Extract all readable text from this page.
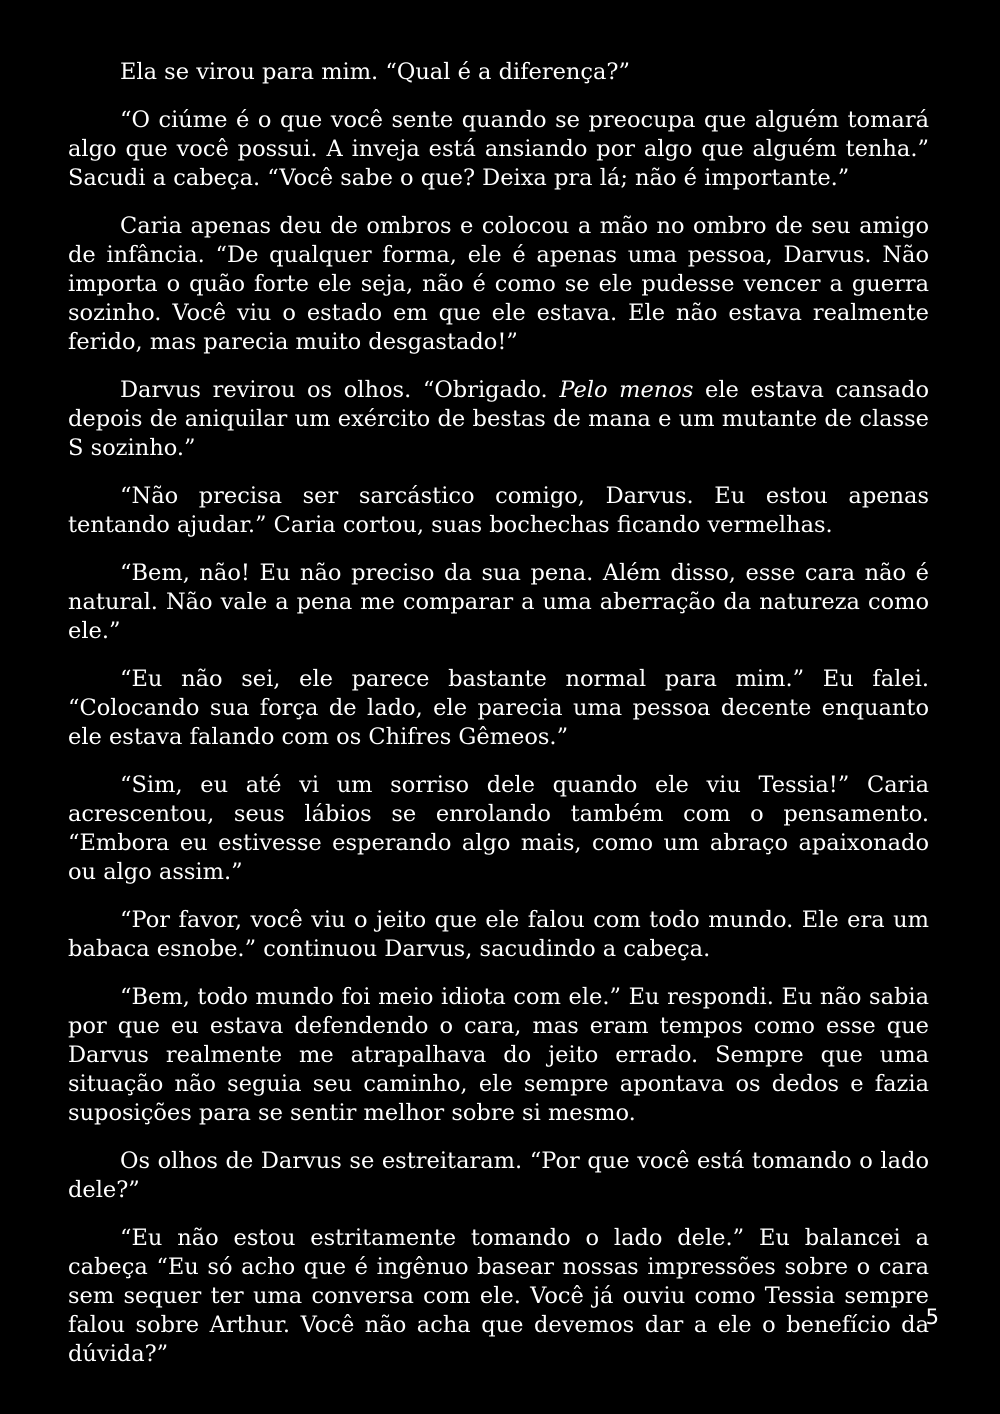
Ela se virou para mim. “Qual é a diferença?”

“O ciúme é o que você sente quando se preocupa que alguém tomará algo que você possui. A inveja está ansiando por algo que alguém tenha.” Sacudi a cabeça. “Você sabe o que? Deixa pra lá; não é importante.”

Caria apenas deu de ombros e colocou a mão no ombro de seu amigo de infância. “De qualquer forma, ele é apenas uma pessoa, Darvus. Não importa o quão forte ele seja, não é como se ele pudesse vencer a guerra sozinho. Você viu o estado em que ele estava. Ele não estava realmente ferido, mas parecia muito desgastado!”

Darvus revirou os olhos. “Obrigado. Pelo menos ele estava cansado depois de aniquilar um exército de bestas de mana e um mutante de classe S sozinho.”

“Não precisa ser sarcástico comigo, Darvus. Eu estou apenas tentando ajudar.” Caria cortou, suas bochechas ficando vermelhas.

“Bem, não! Eu não preciso da sua pena. Além disso, esse cara não é natural. Não vale a pena me comparar a uma aberração da natureza como ele.”

“Eu não sei, ele parece bastante normal para mim.” Eu falei. “Colocando sua força de lado, ele parecia uma pessoa decente enquanto ele estava falando com os Chifres Gêmeos.”

“Sim, eu até vi um sorriso dele quando ele viu Tessia!” Caria acrescentou, seus lábios se enrolando também com o pensamento. “Embora eu estivesse esperando algo mais, como um abraço apaixonado ou algo assim.”

“Por favor, você viu o jeito que ele falou com todo mundo. Ele era um babaca esnobe.” continuou Darvus, sacudindo a cabeça.

“Bem, todo mundo foi meio idiota com ele.” Eu respondi. Eu não sabia por que eu estava defendendo o cara, mas eram tempos como esse que Darvus realmente me atrapalhava do jeito errado. Sempre que uma situação não seguia seu caminho, ele sempre apontava os dedos e fazia suposições para se sentir melhor sobre si mesmo.

Os olhos de Darvus se estreitaram. “Por que você está tomando o lado dele?”

“Eu não estou estritamente tomando o lado dele.” Eu balancei a cabeça “Eu só acho que é ingênuo basear nossas impressões sobre o cara sem sequer ter uma conversa com ele. Você já ouviu como Tessia sempre falou sobre Arthur. Você não acha que devemos dar a ele o benefício da dúvida?”

5
